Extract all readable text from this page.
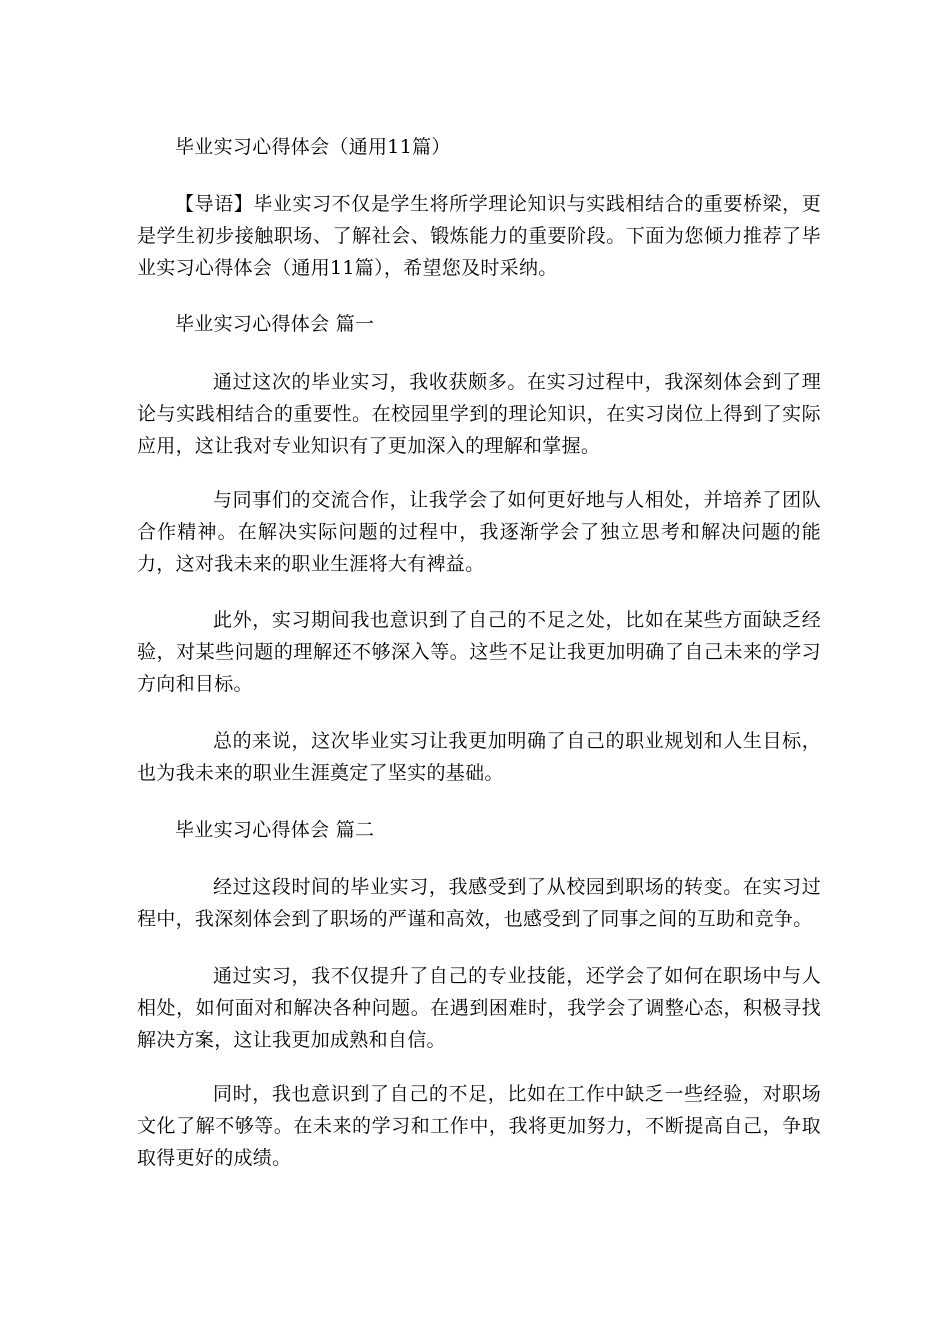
毕业实习心得体会（通用11篇）

【导语】毕业实习不仅是学生将所学理论知识与实践相结合的重要桥梁，更是学生初步接触职场、了解社会、锻炼能力的重要阶段。下面为您倾力推荐了毕业实习心得体会（通用11篇），希望您及时采纳。

毕业实习心得体会 篇一

通过这次的毕业实习，我收获颇多。在实习过程中，我深刻体会到了理论与实践相结合的重要性。在校园里学到的理论知识，在实习岗位上得到了实际应用，这让我对专业知识有了更加深入的理解和掌握。

与同事们的交流合作，让我学会了如何更好地与人相处，并培养了团队合作精神。在解决实际问题的过程中，我逐渐学会了独立思考和解决问题的能力，这对我未来的职业生涯将大有裨益。

此外，实习期间我也意识到了自己的不足之处，比如在某些方面缺乏经验，对某些问题的理解还不够深入等。这些不足让我更加明确了自己未来的学习方向和目标。

总的来说，这次毕业实习让我更加明确了自己的职业规划和人生目标，也为我未来的职业生涯奠定了坚实的基础。

毕业实习心得体会 篇二

经过这段时间的毕业实习，我感受到了从校园到职场的转变。在实习过程中，我深刻体会到了职场的严谨和高效，也感受到了同事之间的互助和竞争。

通过实习，我不仅提升了自己的专业技能，还学会了如何在职场中与人相处，如何面对和解决各种问题。在遇到困难时，我学会了调整心态，积极寻找解决方案，这让我更加成熟和自信。

同时，我也意识到了自己的不足，比如在工作中缺乏一些经验，对职场文化了解不够等。在未来的学习和工作中，我将更加努力，不断提高自己，争取取得更好的成绩。
